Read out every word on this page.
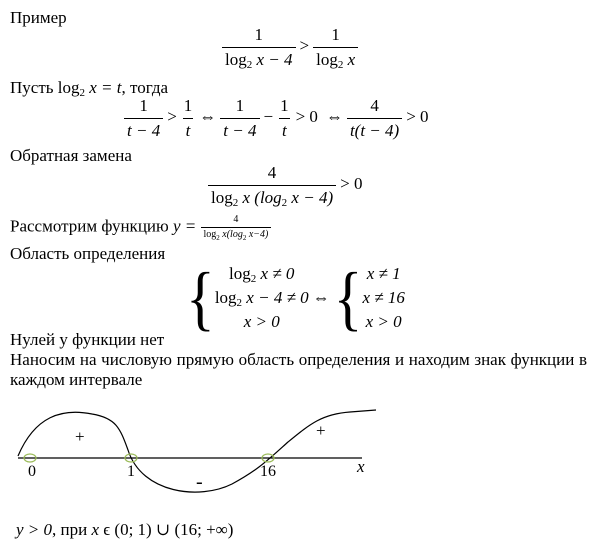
Пример
$\frac{1}{\log_2 x - 4} > \frac{1}{\log_2 x}$
Пусть $\log_2 x = t$, тогда
$\frac{1}{t - 4} > \frac{1}{t}$ ⇔ $\frac{1}{t - 4} - \frac{1}{t} > 0$ ⇔ $\frac{4}{t(t - 4)} > 0$
Обратная замена
$\frac{4}{\log_2 x (\log_2 x - 4)} > 0$
Рассмотрим функцию $y = \frac{4}{\log_2 x(\log_2 x-4)}$
Область определения
{ $\log_2 x \ne 0$
$\log_2 x - 4 \ne 0$
x > 0
⇔ { x ≠ 1
x ≠ 16
x > 0
Нулей у функции нет
Наносим на числовую прямую область определения и находим знак функции в каждом интервале
0	1	16	x
+
-
+
y > 0, при x ϵ (0; 1) ∪ (16; +∞)
